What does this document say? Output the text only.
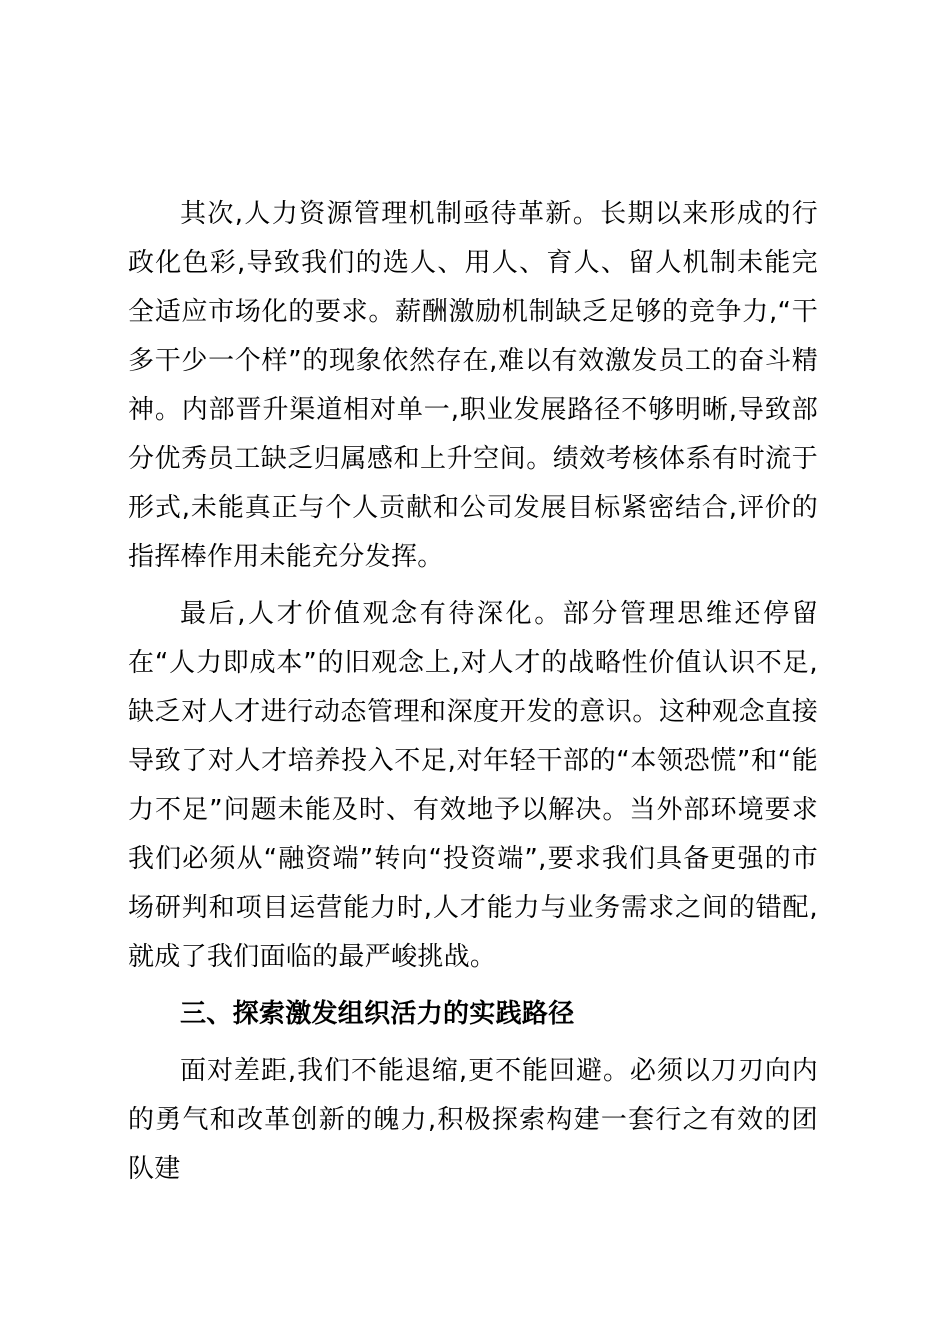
其次,人力资源管理机制亟待革新。长期以来形成的行政化色彩,导致我们的选人、用人、育人、留人机制未能完全适应市场化的要求。薪酬激励机制缺乏足够的竞争力,“干多干少一个样”的现象依然存在,难以有效激发员工的奋斗精神。内部晋升渠道相对单一,职业发展路径不够明晰,导致部分优秀员工缺乏归属感和上升空间。绩效考核体系有时流于形式,未能真正与个人贡献和公司发展目标紧密结合,评价的指挥棒作用未能充分发挥。

最后,人才价值观念有待深化。部分管理思维还停留在“人力即成本”的旧观念上,对人才的战略性价值认识不足,缺乏对人才进行动态管理和深度开发的意识。这种观念直接导致了对人才培养投入不足,对年轻干部的“本领恐慌”和“能力不足”问题未能及时、有效地予以解决。当外部环境要求我们必须从“融资端”转向“投资端”,要求我们具备更强的市场研判和项目运营能力时,人才能力与业务需求之间的错配,就成了我们面临的最严峻挑战。

三、探索激发组织活力的实践路径

面对差距,我们不能退缩,更不能回避。必须以刀刃向内的勇气和改革创新的魄力,积极探索构建一套行之有效的团队建
